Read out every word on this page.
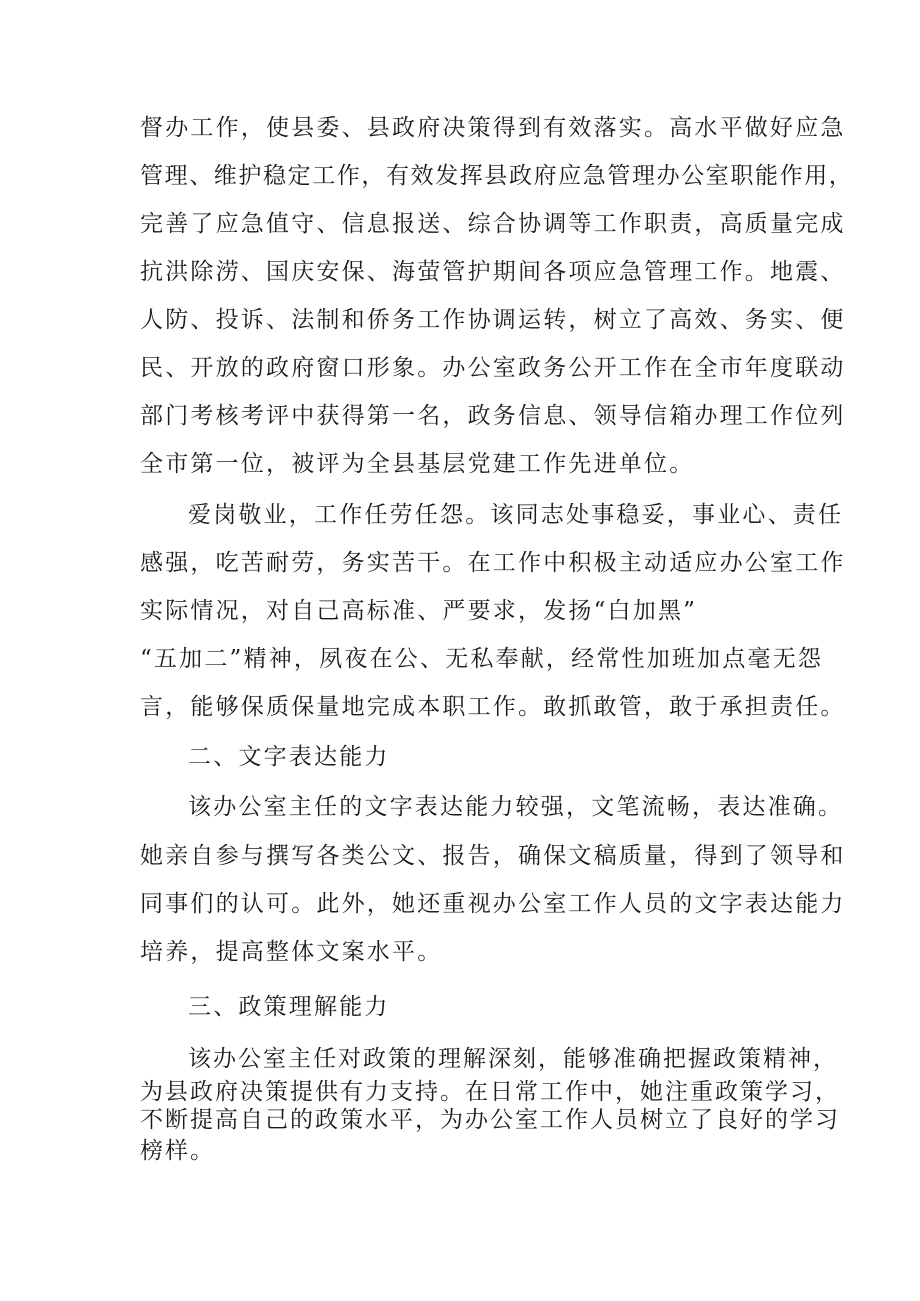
督办工作，使县委、县政府决策得到有效落实。高水平做好应急
管理、维护稳定工作，有效发挥县政府应急管理办公室职能作用，
完善了应急值守、信息报送、综合协调等工作职责，高质量完成
抗洪除涝、国庆安保、海萤管护期间各项应急管理工作。地震、
人防、投诉、法制和侨务工作协调运转，树立了高效、务实、便
民、开放的政府窗口形象。办公室政务公开工作在全市年度联动
部门考核考评中获得第一名，政务信息、领导信箱办理工作位列
全市第一位，被评为全县基层党建工作先进单位。
爱岗敬业，工作任劳任怨。该同志处事稳妥，事业心、责任
感强，吃苦耐劳，务实苦干。在工作中积极主动适应办公室工作
实际情况，对自己高标准、严要求，发扬“白加黑”
“五加二”精神，夙夜在公、无私奉献，经常性加班加点毫无怨
言，能够保质保量地完成本职工作。敢抓敢管，敢于承担责任。
二、文字表达能力
该办公室主任的文字表达能力较强，文笔流畅，表达准确。
她亲自参与撰写各类公文、报告，确保文稿质量，得到了领导和
同事们的认可。此外，她还重视办公室工作人员的文字表达能力
培养，提高整体文案水平。
三、政策理解能力
该办公室主任对政策的理解深刻，能够准确把握政策精神，
为县政府决策提供有力支持。在日常工作中，她注重政策学习，
不断提高自己的政策水平，为办公室工作人员树立了良好的学习
榜样。
